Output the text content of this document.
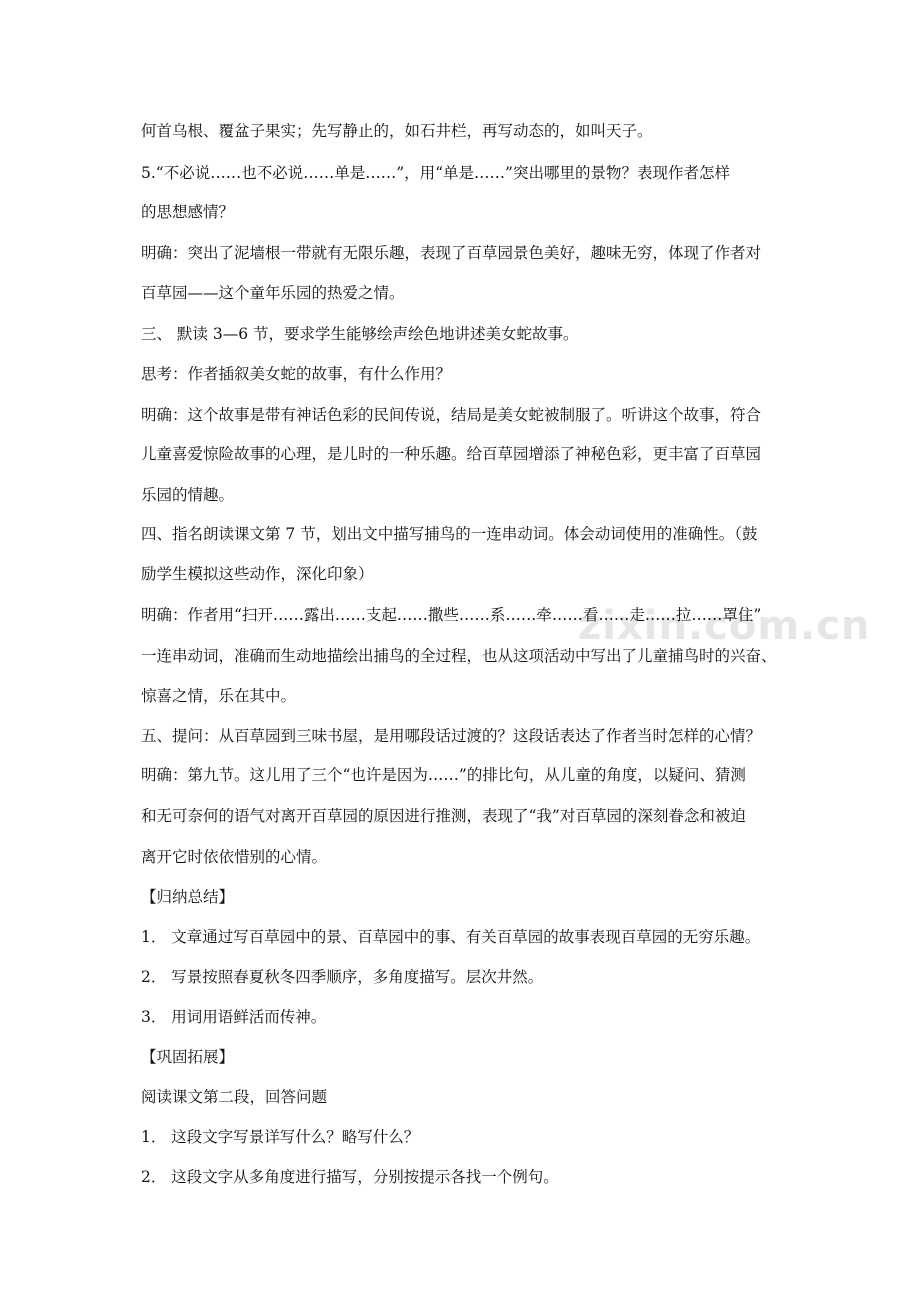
zixin.com.cn
何首乌根、覆盆子果实；先写静止的，如石井栏，再写动态的，如叫天子。
5.“不必说……也不必说……单是……”，用“单是……”突出哪里的景物？表现作者怎样
的思想感情？
明确：突出了泥墙根一带就有无限乐趣，表现了百草园景色美好，趣味无穷，体现了作者对
百草园——这个童年乐园的热爱之情。
三、 默读 3—6 节，要求学生能够绘声绘色地讲述美女蛇故事。
思考：作者插叙美女蛇的故事，有什么作用？
明确：这个故事是带有神话色彩的民间传说，结局是美女蛇被制服了。听讲这个故事，符合
儿童喜爱惊险故事的心理，是儿时的一种乐趣。给百草园增添了神秘色彩，更丰富了百草园
乐园的情趣。
四、指名朗读课文第 7 节，划出文中描写捕鸟的一连串动词。体会动词使用的准确性。（鼓
励学生模拟这些动作，深化印象）
明确：作者用“扫开……露出……支起……撒些……系……牵……看……走……拉……罩住”
一连串动词，准确而生动地描绘出捕鸟的全过程，也从这项活动中写出了儿童捕鸟时的兴奋、
惊喜之情，乐在其中。
五、提问：从百草园到三味书屋，是用哪段话过渡的？这段话表达了作者当时怎样的心情？
明确：第九节。这儿用了三个“也许是因为……”的排比句，从儿童的角度，以疑问、猜测
和无可奈何的语气对离开百草园的原因进行推测，表现了“我”对百草园的深刻眷念和被迫
离开它时依依惜别的心情。
【归纳总结】
1． 文章通过写百草园中的景、百草园中的事、有关百草园的故事表现百草园的无穷乐趣。
2． 写景按照春夏秋冬四季顺序，多角度描写。层次井然。
3． 用词用语鲜活而传神。
【巩固拓展】
阅读课文第二段，回答问题
1． 这段文字写景详写什么？略写什么？
2． 这段文字从多角度进行描写，分别按提示各找一个例句。
